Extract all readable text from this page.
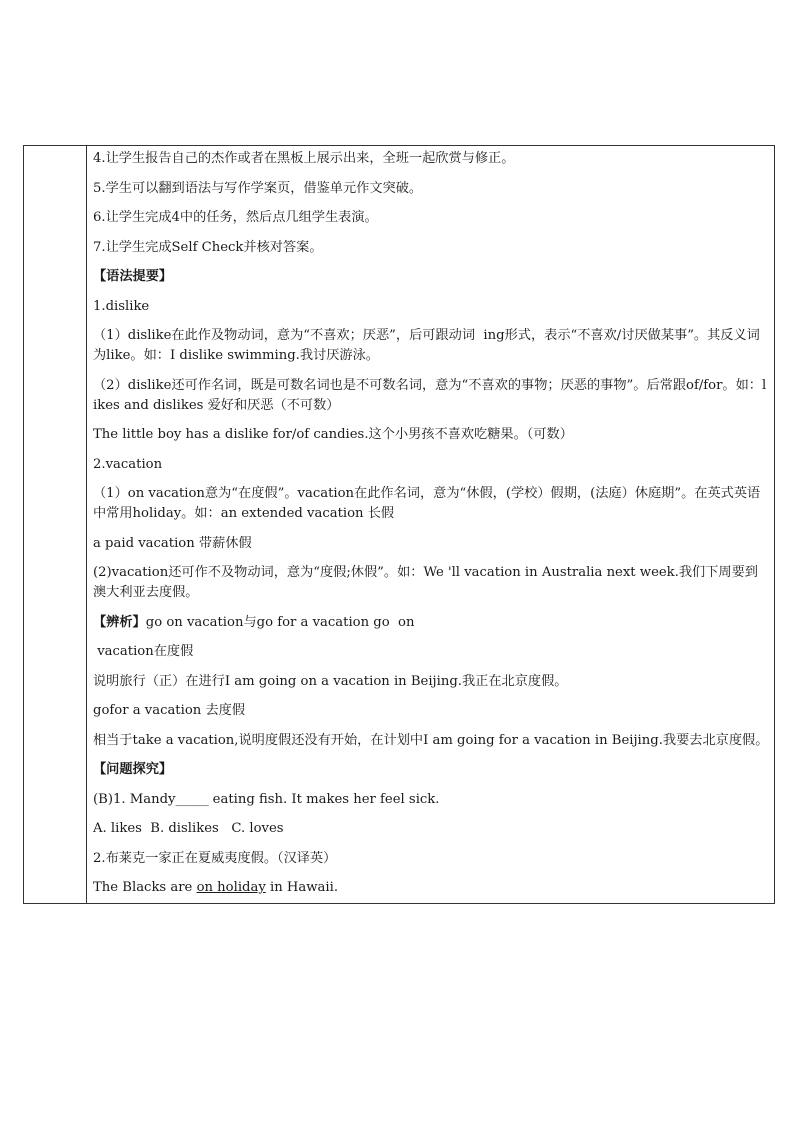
4.让学生报告自己的杰作或者在黑板上展示出来，全班一起欣赏与修正。

5.学生可以翻到语法与写作学案页，借鉴单元作文突破。

6.让学生完成4中的任务，然后点几组学生表演。

7.让学生完成Self Check并核对答案。

【语法提要】

1.dislike

（1）dislike在此作及物动词，意为“不喜欢；厌恶”，后可跟动词  ing形式，表示“不喜欢/讨厌做某事”。其反义词为like。如：I dislike swimming.我讨厌游泳。

（2）dislike还可作名词，既是可数名词也是不可数名词，意为“不喜欢的事物；厌恶的事物”。后常跟of/for。如：likes and dislikes 爱好和厌恶（不可数）

The little boy has a dislike for/of candies.这个小男孩不喜欢吃糖果。（可数）

2.vacation

（1）on vacation意为“在度假”。vacation在此作名词，意为“休假，(学校）假期，(法庭）休庭期”。在英式英语中常用holiday。如：an extended vacation 长假

a paid vacation 带薪休假

(2)vacation还可作不及物动词，意为“度假;休假”。如：We 'll vacation in Australia next week.我们下周要到澳大利亚去度假。

【辨析】go on vacation与go for a vacation go  on

vacation在度假

说明旅行（正）在进行I am going on a vacation in Beijing.我正在北京度假。

gofor a vacation 去度假

相当于take a vacation,说明度假还没有开始，在计划中I am going for a vacation in Beijing.我要去北京度假。

【问题探究】

(B)1. Mandy_____ eating fish. It makes her feel sick.

A. likes  B. dislikes   C. loves

2.布莱克一家正在夏威夷度假。（汉译英）

The Blacks are on holiday in Hawaii.
